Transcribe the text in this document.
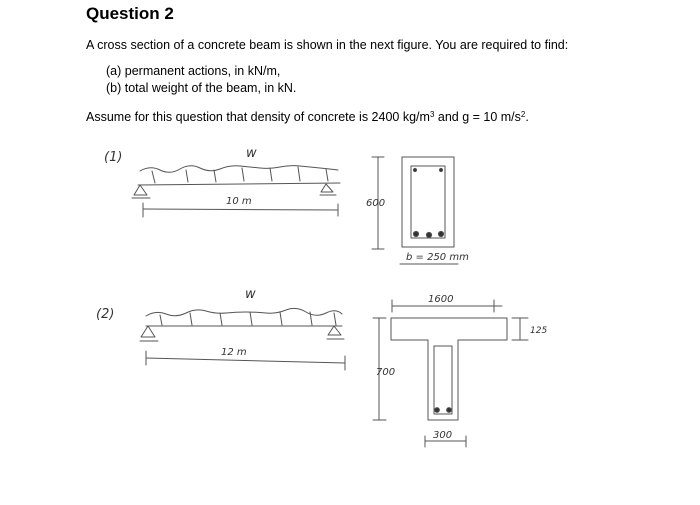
Question 2
A cross section of a concrete beam is shown in the next figure. You are required to find:
(a) permanent actions, in kN/m,
(b) total weight of the beam, in kN.
Assume for this question that density of concrete is 2400 $kg/m^3$ and g = 10 $m/s^2$.
(1)	w
10 m	600
b = 250 mm
(2)
w
12 m
1600
125
700
300
